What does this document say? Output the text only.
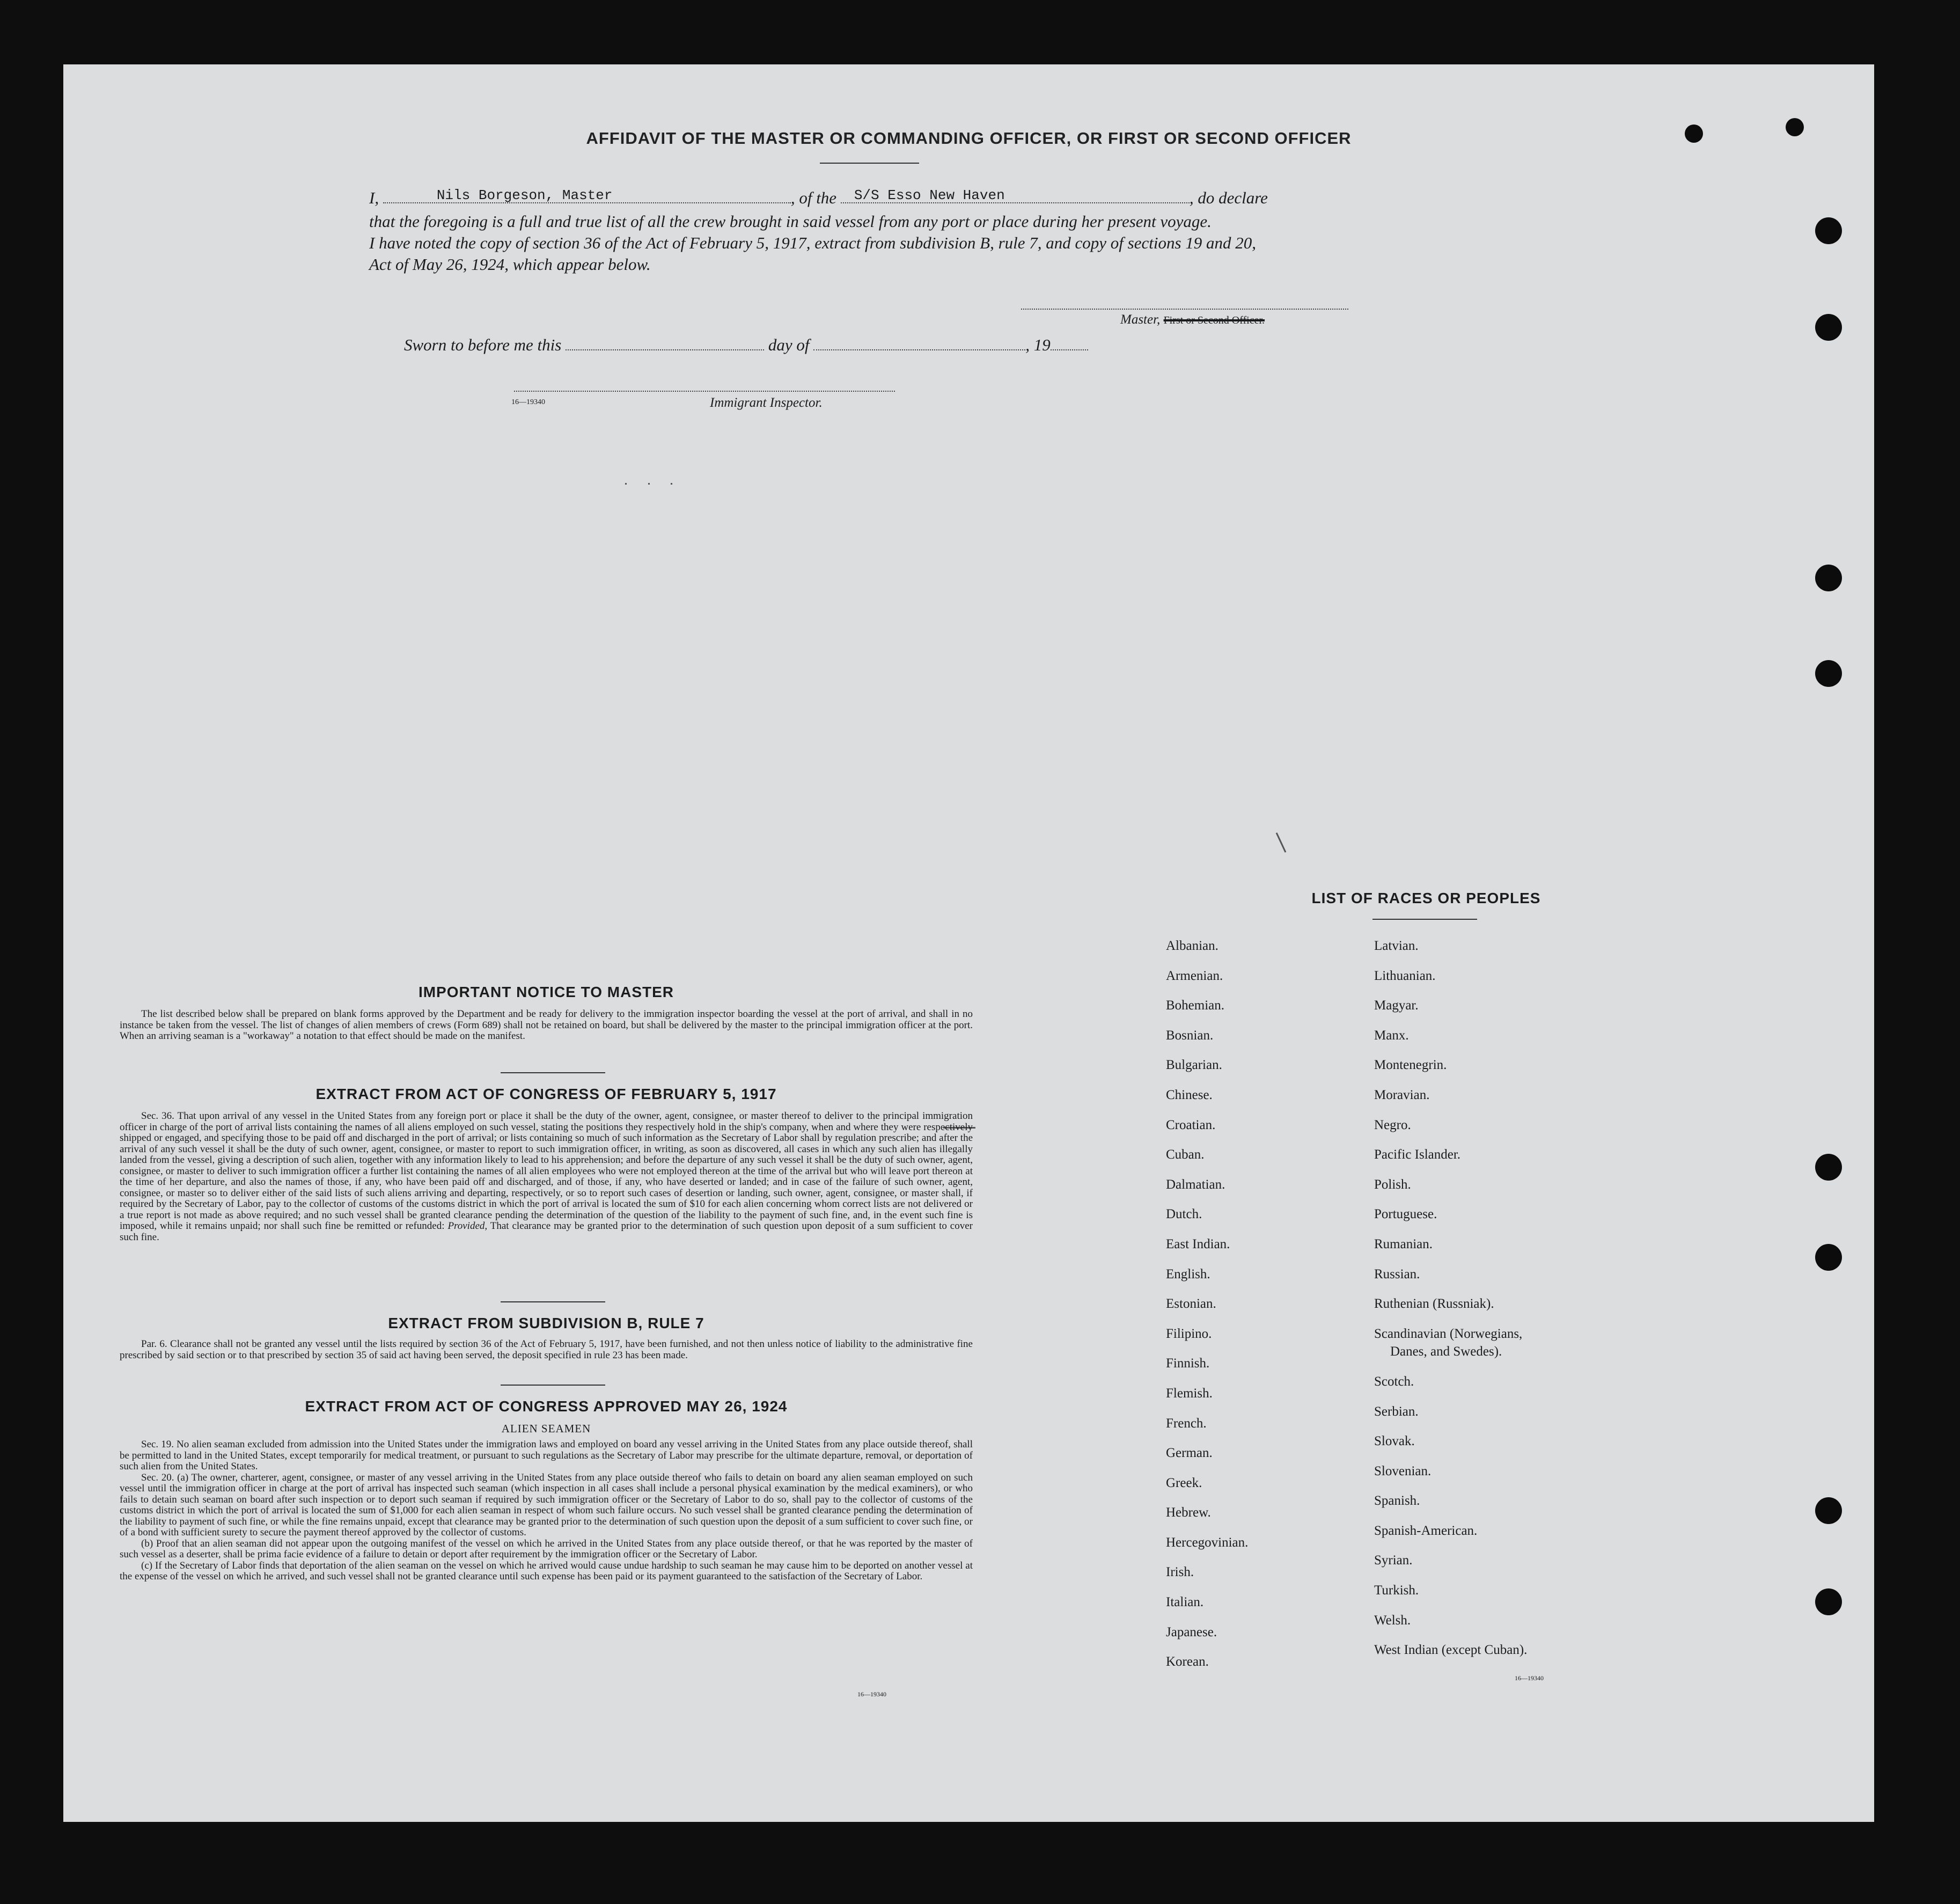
AFFIDAVIT OF THE MASTER OR COMMANDING OFFICER, OR FIRST OR SECOND OFFICER
I,	Nils Borgeson, Master	, of the S/S Esso New Haven	, do declare
that the foregoing is a full and true list of all the crew brought in said vessel from any port or place during her present voyage.
I have noted the copy of section 36 of the Act of February 5, 1917, extract from subdivision B, rule 7, and copy of sections 19 and 20,
Act of May 26, 1924, which appear below.
Master, First or Second Officer.
Sworn to before me this	day of	, 19
16—19340	Immigrant Inspector.
IMPORTANT NOTICE TO MASTER

The list described below shall be prepared on blank forms approved by the Department and be ready for delivery to the immigration inspector boarding the vessel at the port of arrival, and shall in no instance be taken from the vessel. The list of changes of alien members of crews (Form 689) shall not be retained on board, but shall be delivered by the master to the principal immigration officer at the port. When an arriving seaman is a "workaway" a notation to that effect should be made on the manifest.

EXTRACT FROM ACT OF CONGRESS OF FEBRUARY 5, 1917

Sec. 36. That upon arrival of any vessel in the United States from any foreign port or place it shall be the duty of the owner, agent, consignee, or master thereof to deliver to the principal immigration officer in charge of the port of arrival lists containing the names of all aliens employed on such vessel, stating the positions they respectively hold in the ship's company, when and where they were respectively shipped or engaged, and specifying those to be paid off and discharged in the port of arrival; or lists containing so much of such information as the Secretary of Labor shall by regulation prescribe; and after the arrival of any such vessel it shall be the duty of such owner, agent, consignee, or master to report to such immigration officer, in writing, as soon as discovered, all cases in which any such alien has illegally landed from the vessel, giving a description of such alien, together with any information likely to lead to his apprehension; and before the departure of any such vessel it shall be the duty of such owner, agent, consignee, or master to deliver to such immigration officer a further list containing the names of all alien employees who were not employed thereon at the time of the arrival but who will leave port thereon at the time of her departure, and also the names of those, if any, who have been paid off and discharged, and of those, if any, who have deserted or landed; and in case of the failure of such owner, agent, consignee, or master so to deliver either of the said lists of such aliens arriving and departing, respectively, or so to report such cases of desertion or landing, such owner, agent, consignee, or master shall, if required by the Secretary of Labor, pay to the collector of customs of the customs district in which the port of arrival is located the sum of $10 for each alien concerning whom correct lists are not delivered or a true report is not made as above required; and no such vessel shall be granted clearance pending the determination of the question of the liability to the payment of such fine, and, in the event such fine is imposed, while it remains unpaid; nor shall such fine be remitted or refunded: Provided, That clearance may be granted prior to the determination of such question upon deposit of a sum sufficient to cover such fine.

EXTRACT FROM SUBDIVISION B, RULE 7

Par. 6. Clearance shall not be granted any vessel until the lists required by section 36 of the Act of February 5, 1917, have been furnished, and not then unless notice of liability to the administrative fine prescribed by said section or to that prescribed by section 35 of said act having been served, the deposit specified in rule 23 has been made.

EXTRACT FROM ACT OF CONGRESS APPROVED MAY 26, 1924
ALIEN SEAMEN

Sec. 19. No alien seaman excluded from admission into the United States under the immigration laws and employed on board any vessel arriving in the United States from any place outside thereof, shall be permitted to land in the United States, except temporarily for medical treatment, or pursuant to such regulations as the Secretary of Labor may prescribe for the ultimate departure, removal, or deportation of such alien from the United States.

Sec. 20. (a) The owner, charterer, agent, consignee, or master of any vessel arriving in the United States from any place outside thereof who fails to detain on board any alien seaman employed on such vessel until the immigration officer in charge at the port of arrival has inspected such seaman (which inspection in all cases shall include a personal physical examination by the medical examiners), or who fails to detain such seaman on board after such inspection or to deport such seaman if required by such immigration officer or the Secretary of Labor to do so, shall pay to the collector of customs of the customs district in which the port of arrival is located the sum of $1,000 for each alien seaman in respect of whom such failure occurs. No such vessel shall be granted clearance pending the determination of the liability to payment of such fine, or while the fine remains unpaid, except that clearance may be granted prior to the determination of such question upon the deposit of a sum sufficient to cover such fine, or of a bond with sufficient surety to secure the payment thereof approved by the collector of customs.

(b) Proof that an alien seaman did not appear upon the outgoing manifest of the vessel on which he arrived in the United States from any place outside thereof, or that he was reported by the master of such vessel as a deserter, shall be prima facie evidence of a failure to detain or deport after requirement by the immigration officer or the Secretary of Labor.

(c) If the Secretary of Labor finds that deportation of the alien seaman on the vessel on which he arrived would cause undue hardship to such seaman he may cause him to be deported on another vessel at the expense of the vessel on which he arrived, and such vessel shall not be granted clearance until such expense has been paid or its payment guaranteed to the satisfaction of the Secretary of Labor.

16—19340
LIST OF RACES OR PEOPLES
Albanian.
Armenian.
Bohemian.
Bosnian.
Bulgarian.
Chinese.
Croatian.
Cuban.
Dalmatian.
Dutch.
East Indian.
English.
Estonian.
Filipino.
Finnish.
Flemish.
French.
German.
Greek.
Hebrew.
Hercegovinian.
Irish.
Italian.
Japanese.
Korean.
Latvian.
Lithuanian.
Magyar.
Manx.
Montenegrin.
Moravian.
Negro.
Pacific Islander.
Polish.
Portuguese.
Rumanian.
Russian.
Ruthenian (Russniak).
Scandinavian (Norwegians,
Danes, and Swedes).
Scotch.
Serbian.
Slovak.
Slovenian.
Spanish.
Spanish-American.
Syrian.
Turkish.
Welsh.
West Indian (except Cuban).
16—19340
